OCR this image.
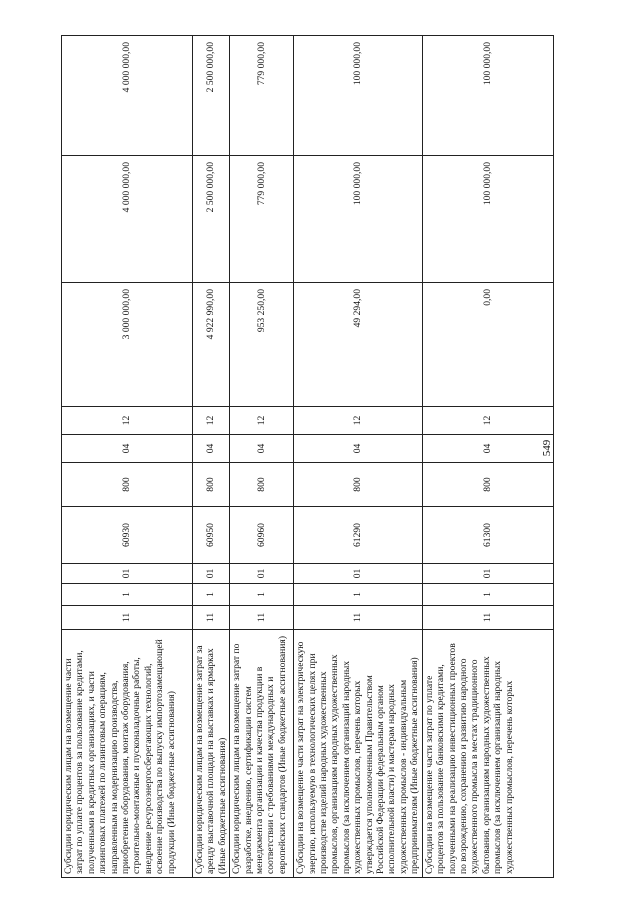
549
Субсидии юридическим лицам на возмещение части затрат по уплате процентов за пользование кредитами, полученными в кредитных организациях, и части лизинговых платежей по лизинговым операциям, направленным на модернизацию производства, приобретение оборудования, монтаж оборудования, строительно-монтажные и пусконаладочные работы, внедрение ресурсоэнергосберегающих технологий, освоение производства по выпуску импортозамещающей продукции (Иные бюджетные ассигнования)	11	1	01	60930	800	04	12	3 000 000,00	4 000 000,00	4 000 000,00
Субсидии юридическим лицам на возмещение затрат за аренду выставочной площади на выставках и ярмарках (Иные бюджетные ассигнования)	11	1	01	60950	800	04	12	4 922 990,00	2 500 000,00	2 500 000,00
Субсидии юридическим лицам на возмещение затрат по разработке, внедрению, сертификации систем менеджмента организации и качества продукции в соответствии с требованиями международных и европейских стандартов (Иные бюджетные ассигнования)	11	1	01	60960	800	04	12	953 250,00	779 000,00	779 000,00
Субсидии на возмещение части затрат на электрическую энергию, используемую в технологических целях при производстве изделий народных художественных промыслов, организациям народных художественных промыслов (за исключением организаций народных художественных промыслов, перечень которых утверждается уполномоченным Правительством Российской Федерации федеральным органом исполнительной власти) и мастерам народных художественных промыслов - индивидуальным предпринимателям (Иные бюджетные ассигнования)	11	1	01	61290	800	04	12	49 294,00	100 000,00	100 000,00
Субсидии на возмещение части затрат по уплате процентов за пользование банковскими кредитами, полученными на реализацию инвестиционных проектов по возрождению, сохранению и развитию народного художественного промысла в местах традиционного бытования, организациям народных художественных промыслов (за исключением организаций народных художественных промыслов, перечень которых	11	1	01	61300	800	04	12	0,00	100 000,00	100 000,00
